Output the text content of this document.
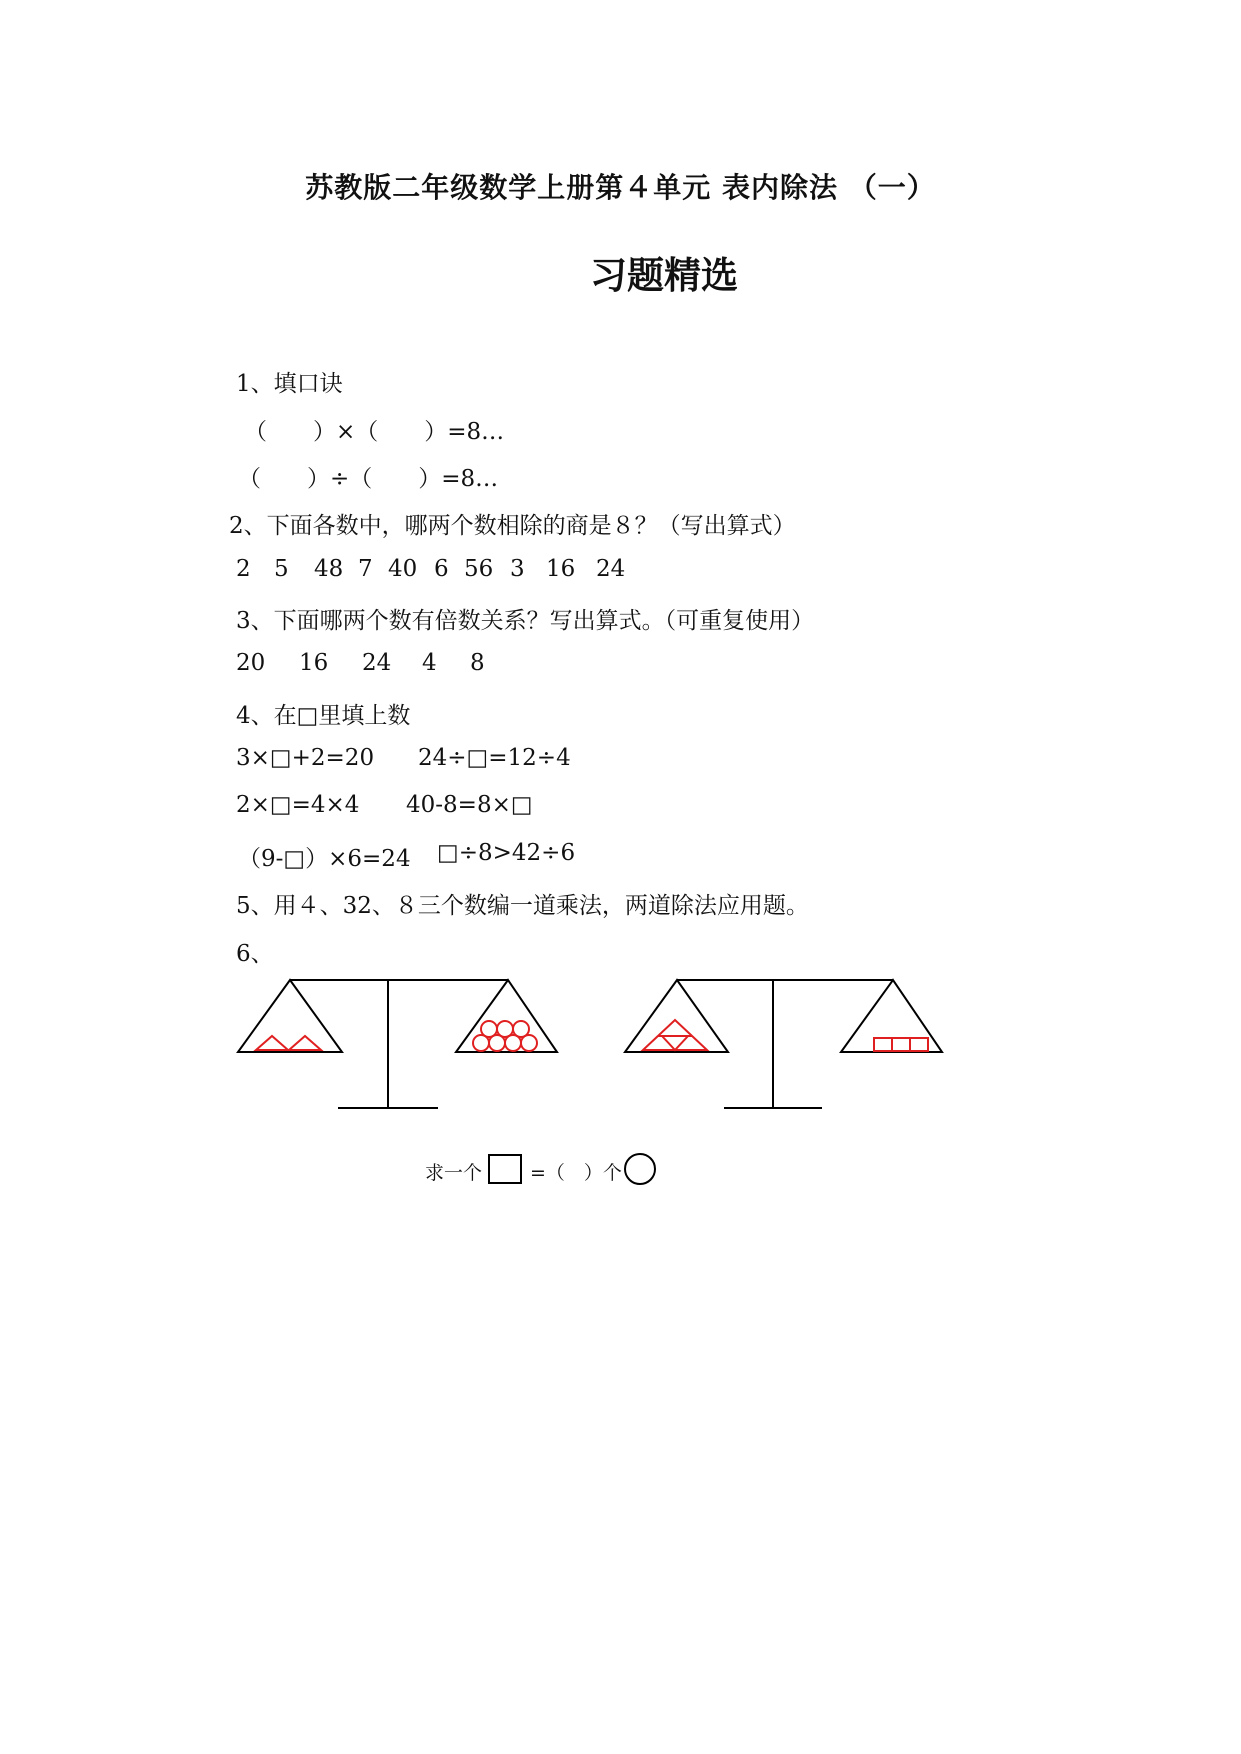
苏教版二年级数学上册第４单元 表内除法 （一）
习题精选
1、填口诀
（　　）×（　　）=8…
（　　）÷（　　）=8…
2、下面各数中，哪两个数相除的商是８？（写出算式）
2 5 48 7 40 6 56 3 16 24
3、下面哪两个数有倍数关系？写出算式。（可重复使用）
20 16 24 4 8
4、在□里填上数
3×□+2=20 24÷□=12÷4
2×□=4×4 40-8=8×□
（9-□）×6=24 □÷8>42÷6
5、用４、32、８三个数编一道乘法，两道除法应用题。
6、
求一个	=（　）个
